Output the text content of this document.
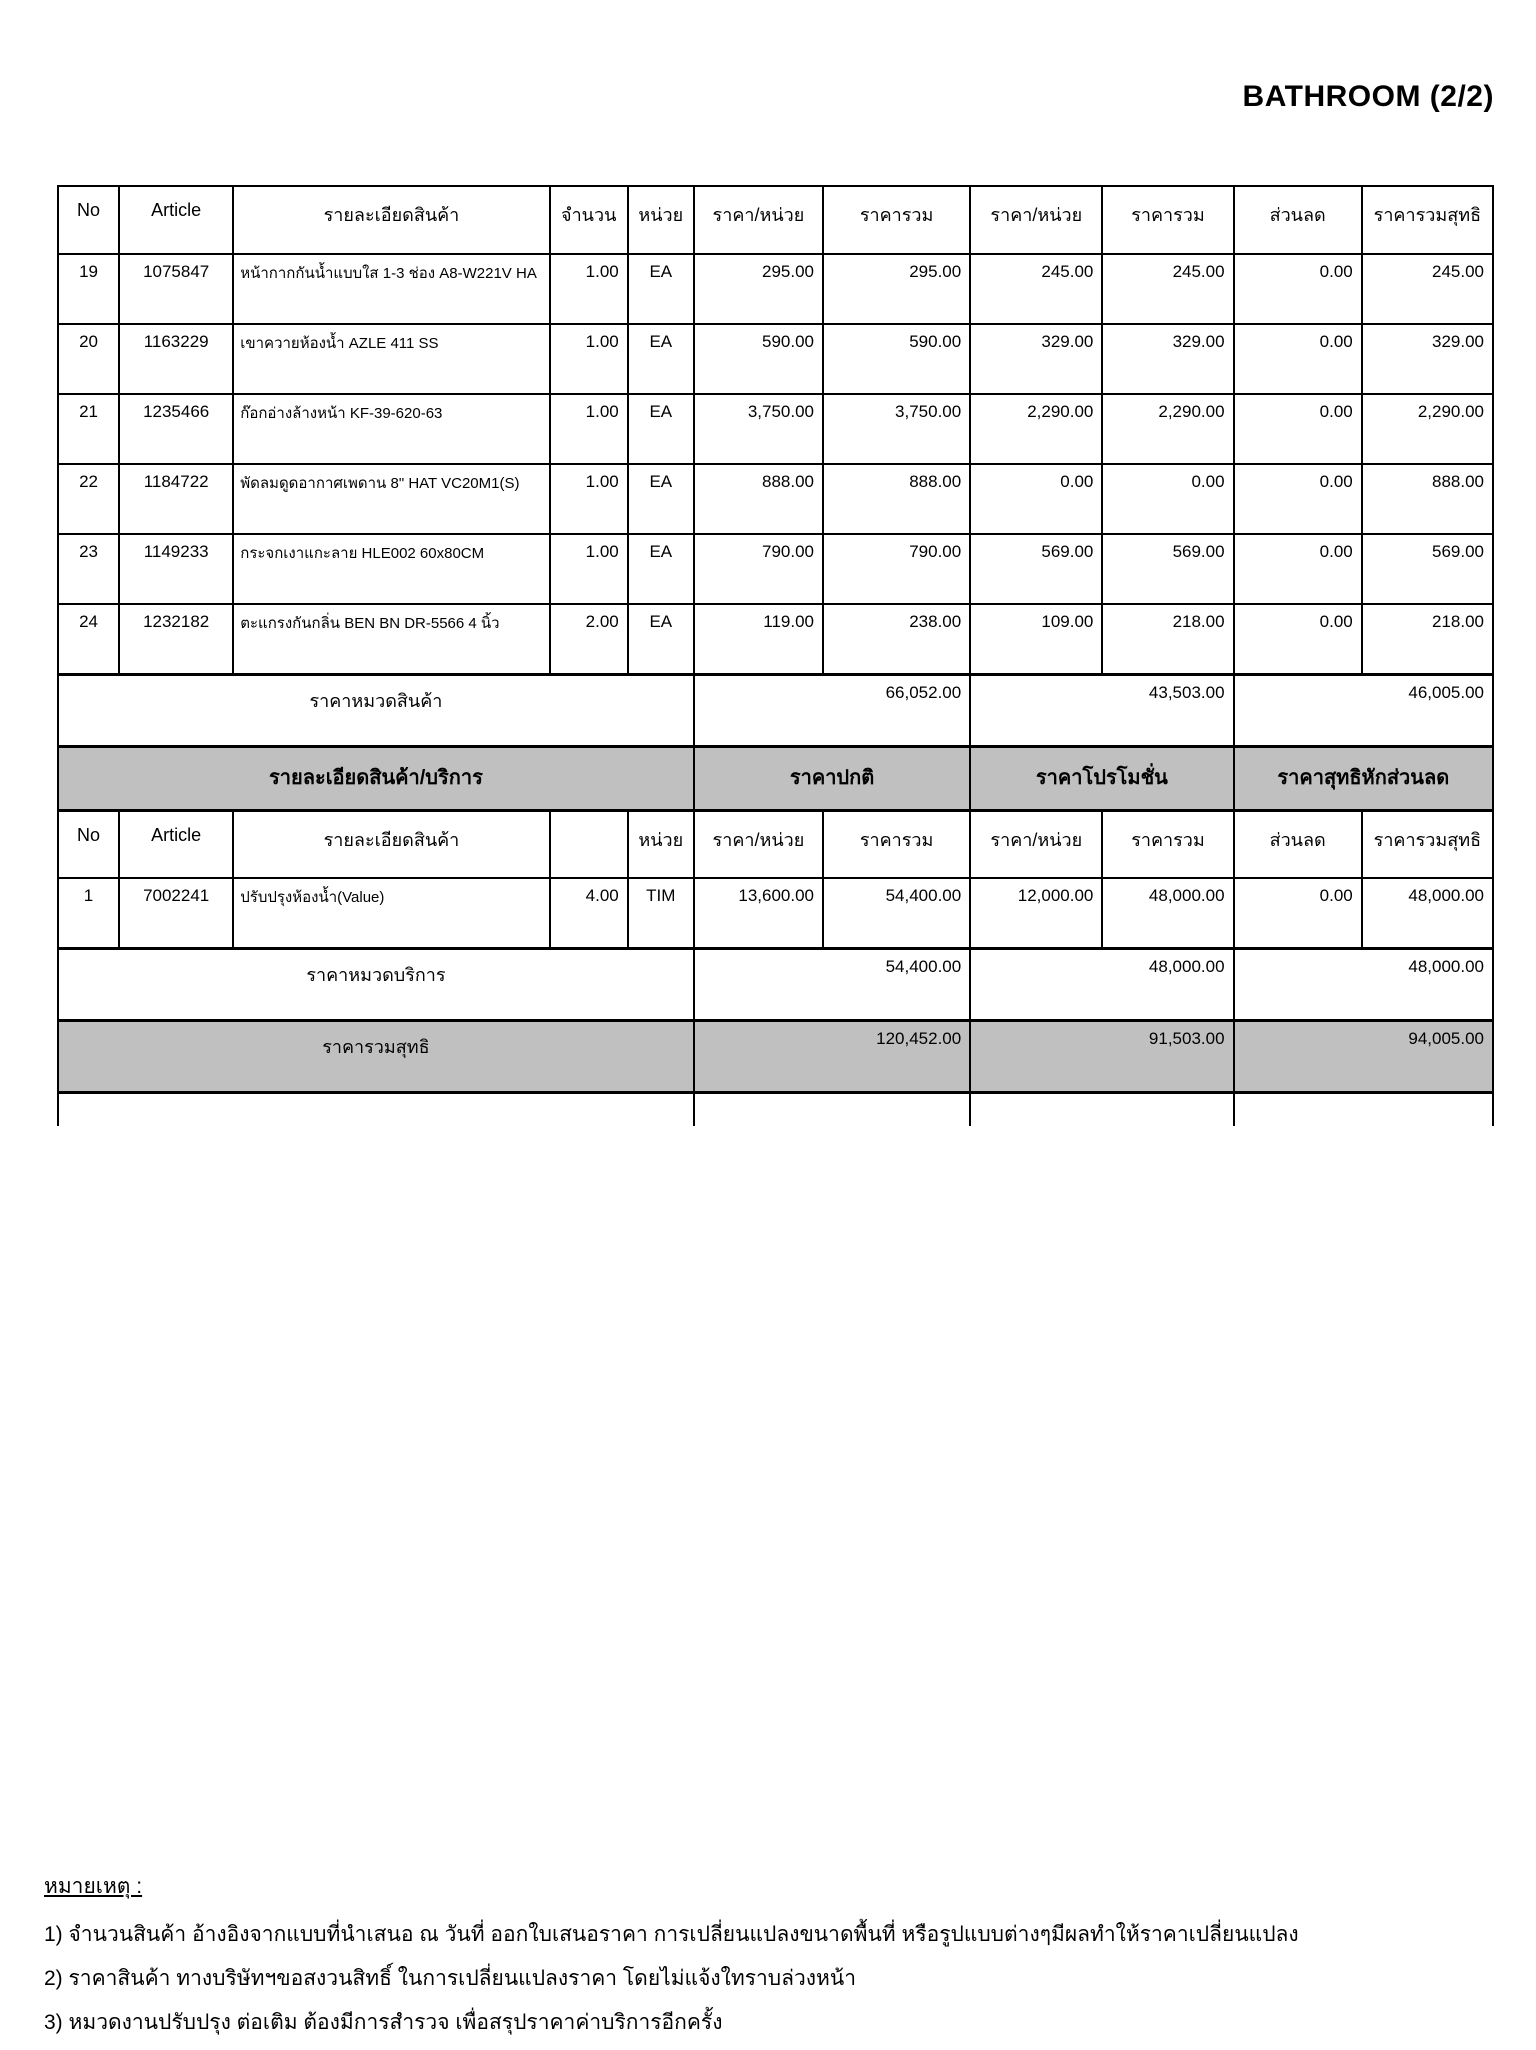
BATHROOM (2/2)
No	Article	รายละเอียดสินค้า	จำนวน	หน่วย	ราคา/หน่วย	ราคารวม	ราคา/หน่วย	ราคารวม	ส่วนลด	ราคารวมสุทธิ
19	1075847	หน้ากากกันน้ำแบบใส 1-3 ช่อง A8-W221V HA	1.00	EA	295.00	295.00	245.00	245.00	0.00	245.00
20	1163229	เขาควายห้องน้ำ AZLE 411 SS	1.00	EA	590.00	590.00	329.00	329.00	0.00	329.00
21	1235466	ก๊อกอ่างล้างหน้า KF-39-620-63	1.00	EA	3,750.00	3,750.00	2,290.00	2,290.00	0.00	2,290.00
22	1184722	พัดลมดูดอากาศเพดาน 8" HAT VC20M1(S)	1.00	EA	888.00	888.00	0.00	0.00	0.00	888.00
23	1149233	กระจกเงาแกะลาย HLE002 60x80CM	1.00	EA	790.00	790.00	569.00	569.00	0.00	569.00
24	1232182	ตะแกรงกันกลิ่น BEN BN DR-5566 4 นิ้ว	2.00	EA	119.00	238.00	109.00	218.00	0.00	218.00
ราคาหมวดสินค้า					66,052.00		43,503.00		46,005.00	
รายละเอียดสินค้า/บริการ					ราคาปกติ		ราคาโปรโมชั่น		ราคาสุทธิหักส่วนลด	
No	Article	รายละเอียดสินค้า		หน่วย	ราคา/หน่วย	ราคารวม	ราคา/หน่วย	ราคารวม	ส่วนลด	ราคารวมสุทธิ
1	7002241	ปรับปรุงห้องน้ำ(Value)	4.00	TIM	13,600.00	54,400.00	12,000.00	48,000.00	0.00	48,000.00
ราคาหมวดบริการ					54,400.00		48,000.00		48,000.00	
ราคารวมสุทธิ					120,452.00		91,503.00		94,005.00	

หมายเหตุ :
1) จำนวนสินค้า อ้างอิงจากแบบที่นำเสนอ ณ วันที่ ออกใบเสนอราคา การเปลี่ยนแปลงขนาดพื้นที่ หรือรูปแบบต่างๆมีผลทำให้ราคาเปลี่ยนแปลง
2) ราคาสินค้า ทางบริษัทฯขอสงวนสิทธิ์ ในการเปลี่ยนแปลงราคา โดยไม่แจ้งใทราบล่วงหน้า
3) หมวดงานปรับปรุง ต่อเติม ต้องมีการสำรวจ เพื่อสรุปราคาค่าบริการอีกครั้ง
